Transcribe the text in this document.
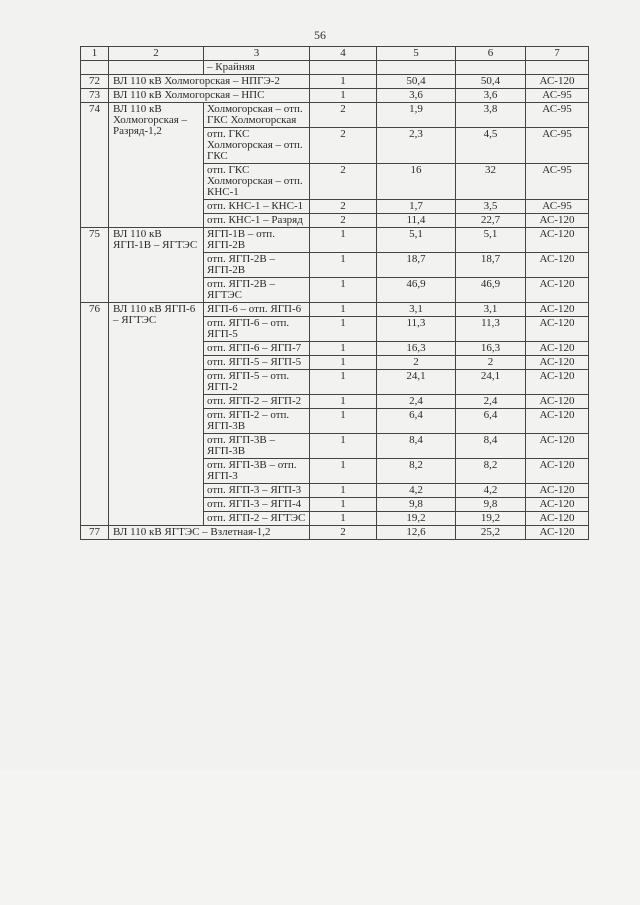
56
1	2	3	4	5	6	7
		– Крайняя				
72	ВЛ 110 кВ Холмогорская – НПГЭ-2		1	50,4	50,4	АС-120
73	ВЛ 110 кВ Холмогорская – НПС		1	3,6	3,6	АС-95
74	ВЛ 110 кВ Холмогорская – Разряд-1,2	Холмогорская – отп. ГКС Холмогорская	2	1,9	3,8	АС-95
		отп. ГКС Холмогорская – отп. ГКС	2	2,3	4,5	АС-95
		отп. ГКС Холмогорская – отп. КНС-1	2	16	32	АС-95
		отп. КНС-1 – КНС-1	2	1,7	3,5	АС-95
		отп. КНС-1 – Разряд	2	11,4	22,7	АС-120
75	ВЛ 110 кВ ЯГП-1В – ЯГТЭС	ЯГП-1В – отп. ЯГП-2В	1	5,1	5,1	АС-120
		отп. ЯГП-2В – ЯГП-2В	1	18,7	18,7	АС-120
		отп. ЯГП-2В – ЯГТЭС	1	46,9	46,9	АС-120
76	ВЛ 110 кВ ЯГП-6 – ЯГТЭС	ЯГП-6 – отп. ЯГП-6	1	3,1	3,1	АС-120
		отп. ЯГП-6 – отп. ЯГП-5	1	11,3	11,3	АС-120
		отп. ЯГП-6 – ЯГП-7	1	16,3	16,3	АС-120
		отп. ЯГП-5 – ЯГП-5	1	2	2	АС-120
		отп. ЯГП-5 – отп. ЯГП-2	1	24,1	24,1	АС-120
		отп. ЯГП-2 – ЯГП-2	1	2,4	2,4	АС-120
		отп. ЯГП-2 – отп. ЯГП-3В	1	6,4	6,4	АС-120
		отп. ЯГП-3В – ЯГП-3В	1	8,4	8,4	АС-120
		отп. ЯГП-3В – отп. ЯГП-3	1	8,2	8,2	АС-120
		отп. ЯГП-3 – ЯГП-3	1	4,2	4,2	АС-120
		отп. ЯГП-3 – ЯГП-4	1	9,8	9,8	АС-120
		отп. ЯГП-2 – ЯГТЭС	1	19,2	19,2	АС-120
77	ВЛ 110 кВ ЯГТЭС – Взлетная-1,2		2	12,6	25,2	АС-120
